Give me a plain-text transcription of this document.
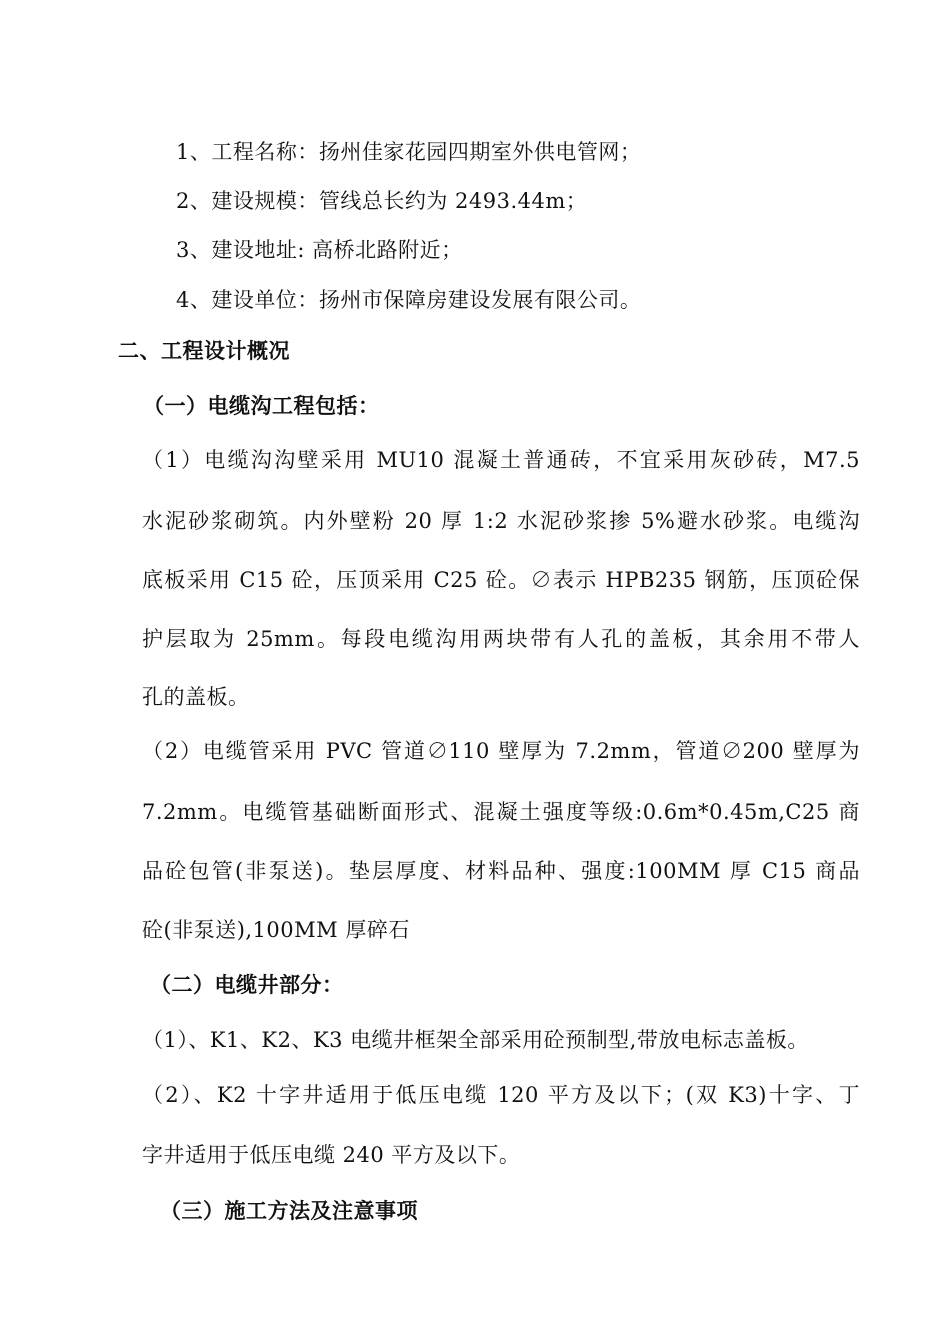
1、工程名称：扬州佳家花园四期室外供电管网；
2、建设规模：管线总长约为 2493.44m；
3、建设地址: 高桥北路附近；
4、建设单位：扬州市保障房建设发展有限公司。
二、工程设计概况
（一）电缆沟工程包括：
（1）电缆沟沟壁采用 MU10 混凝土普通砖，不宜采用灰砂砖，M7.5
水泥砂浆砌筑。内外壁粉 20 厚 1:2 水泥砂浆掺 5%避水砂浆。电缆沟
底板采用 C15 砼，压顶采用 C25 砼。∅表示 HPB235 钢筋，压顶砼保
护层取为 25mm。每段电缆沟用两块带有人孔的盖板，其余用不带人
孔的盖板。
（2）电缆管采用 PVC 管道∅110 壁厚为 7.2mm，管道∅200 壁厚为
7.2mm。电缆管基础断面形式、混凝土强度等级:0.6m*0.45m,C25 商
品砼包管(非泵送)。垫层厚度、材料品种、强度:100MM 厚 C15 商品
砼(非泵送),100MM 厚碎石
（二）电缆井部分：
（1）、K1、K2、K3 电缆井框架全部采用砼预制型,带放电标志盖板。
（2）、K2 十字井适用于低压电缆 120 平方及以下；(双 K3)十字、丁
字井适用于低压电缆 240 平方及以下。
（三）施工方法及注意事项
